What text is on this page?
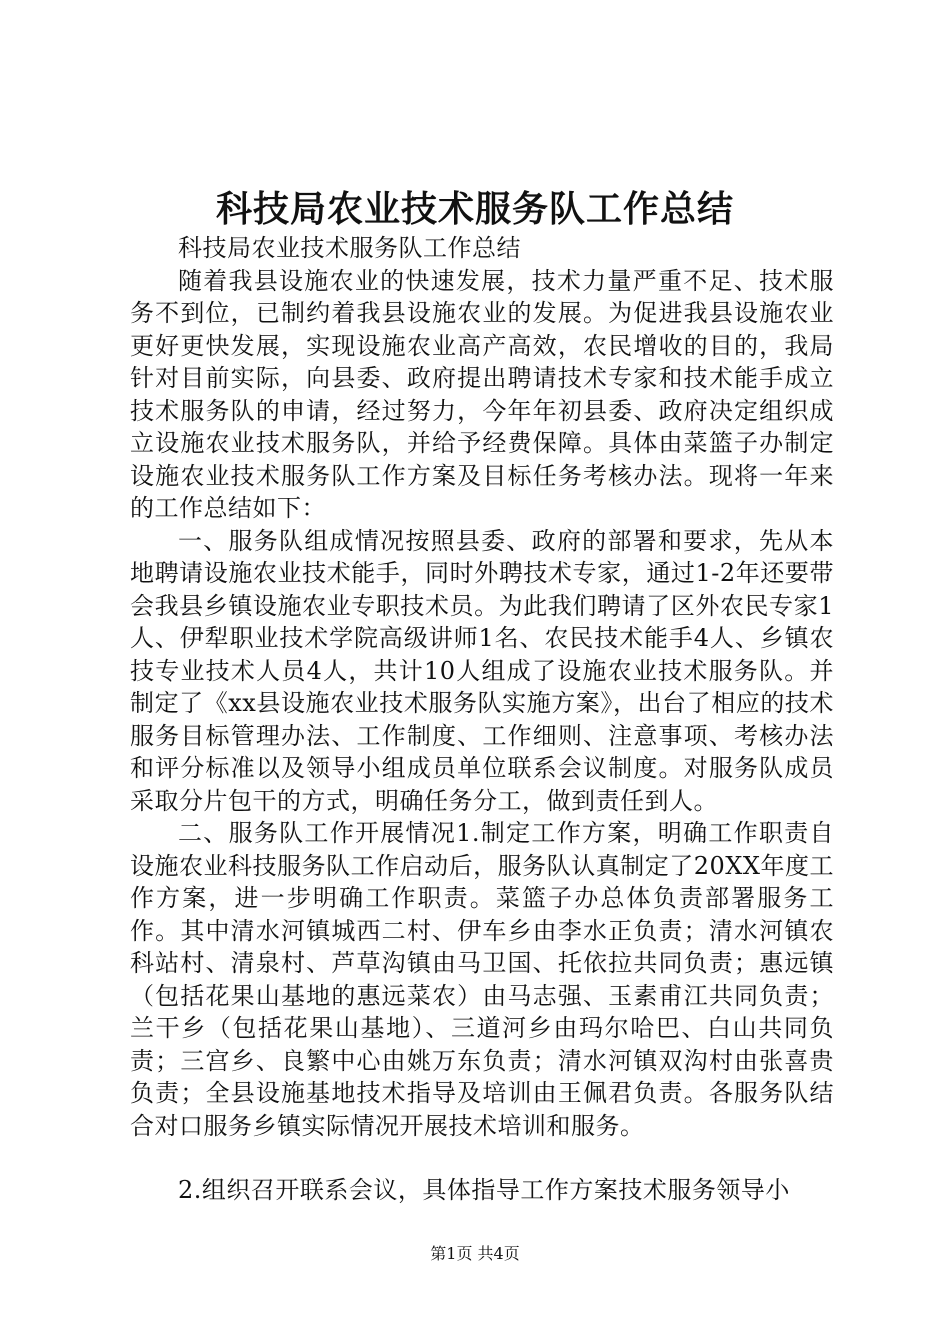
科技局农业技术服务队工作总结

科技局农业技术服务队工作总结

随着我县设施农业的快速发展，技术力量严重不足、技术服务不到位，已制约着我县设施农业的发展。为促进我县设施农业更好更快发展，实现设施农业高产高效，农民增收的目的，我局针对目前实际，向县委、政府提出聘请技术专家和技术能手成立技术服务队的申请，经过努力，今年年初县委、政府决定组织成立设施农业技术服务队，并给予经费保障。具体由菜篮子办制定设施农业技术服务队工作方案及目标任务考核办法。现将一年来的工作总结如下：

一、服务队组成情况按照县委、政府的部署和要求，先从本地聘请设施农业技术能手，同时外聘技术专家，通过1-2年还要带会我县乡镇设施农业专职技术员。为此我们聘请了区外农民专家1人、伊犁职业技术学院高级讲师1名、农民技术能手4人、乡镇农技专业技术人员4人，共计10人组成了设施农业技术服务队。并制定了《xx县设施农业技术服务队实施方案》，出台了相应的技术服务目标管理办法、工作制度、工作细则、注意事项、考核办法和评分标准以及领导小组成员单位联系会议制度。对服务队成员采取分片包干的方式，明确任务分工，做到责任到人。

二、服务队工作开展情况1.制定工作方案，明确工作职责自设施农业科技服务队工作启动后，服务队认真制定了20XX年度工作方案，进一步明确工作职责。菜篮子办总体负责部署服务工作。其中清水河镇城西二村、伊车乡由李水正负责；清水河镇农科站村、清泉村、芦草沟镇由马卫国、托依拉共同负责；惠远镇（包括花果山基地的惠远菜农）由马志强、玉素甫江共同负责；兰干乡（包括花果山基地）、三道河乡由玛尔哈巴、白山共同负责；三宫乡、良繁中心由姚万东负责；清水河镇双沟村由张喜贵负责；全县设施基地技术指导及培训由王佩君负责。各服务队结合对口服务乡镇实际情况开展技术培训和服务。

2.组织召开联系会议，具体指导工作方案技术服务领导小

第1页 共4页
